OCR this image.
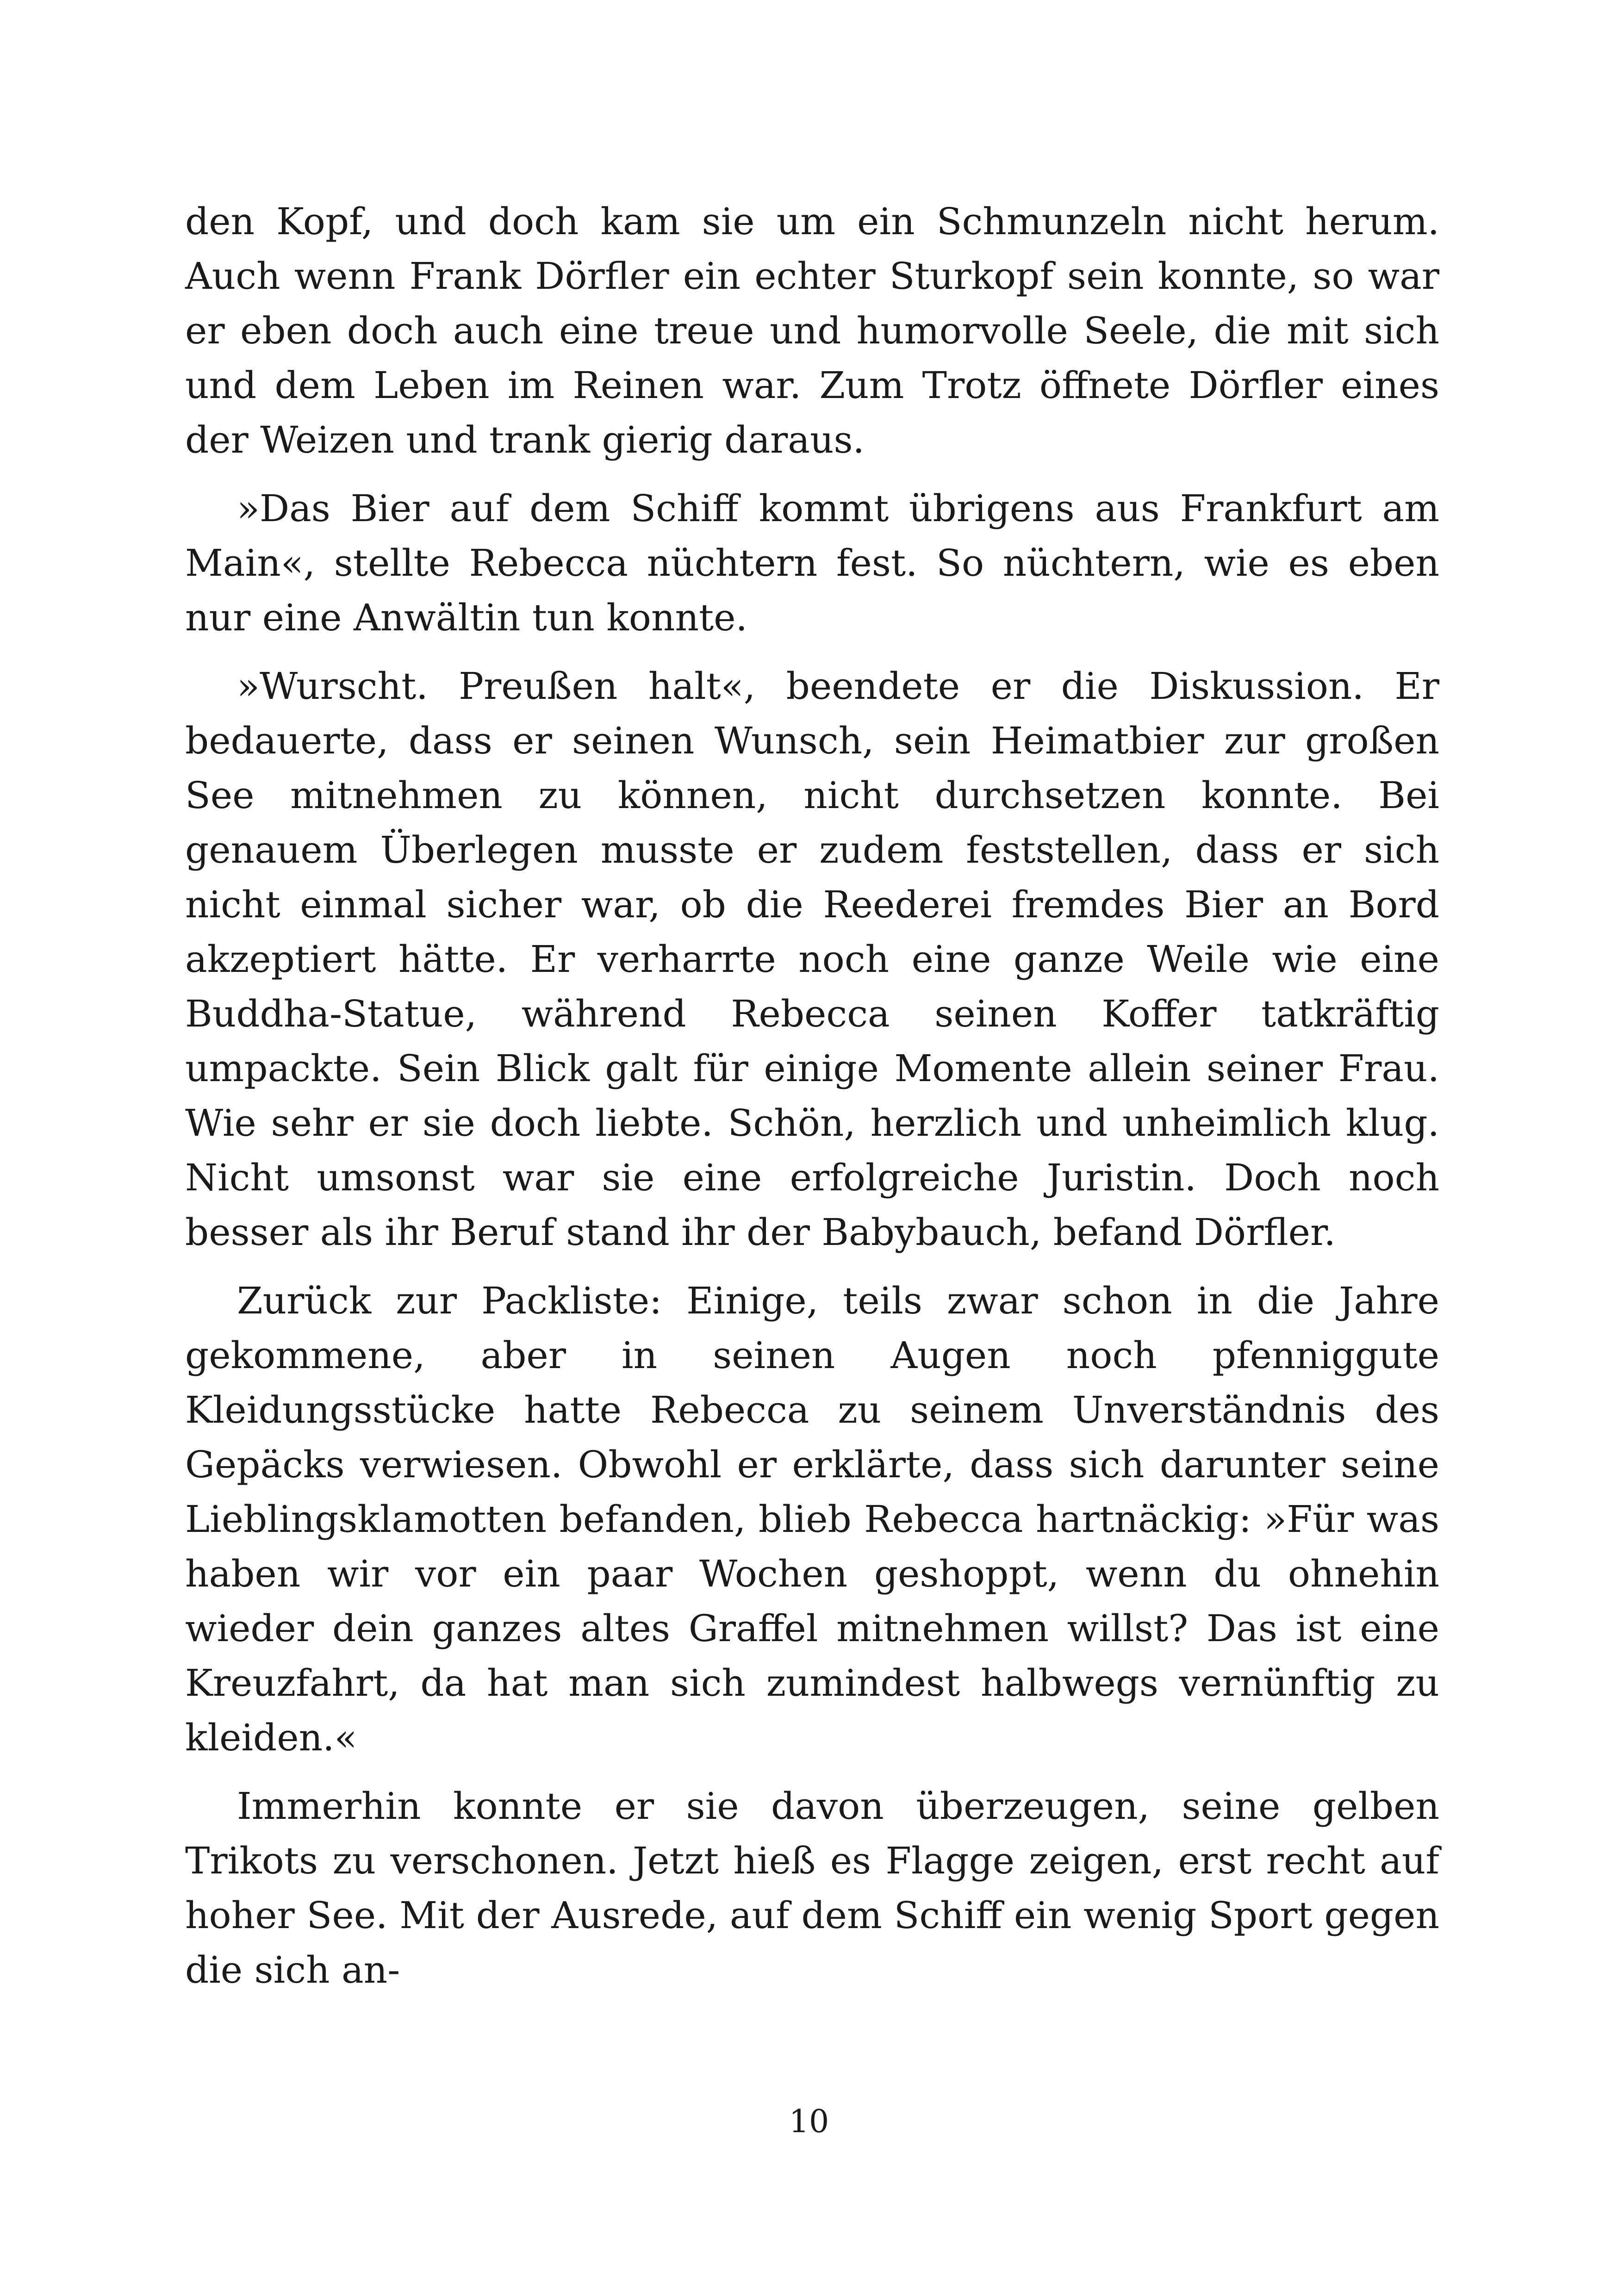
den Kopf, und doch kam sie um ein Schmunzeln nicht herum. Auch wenn Frank Dörfler ein echter Sturkopf sein konnte, so war er eben doch auch eine treue und humorvolle Seele, die mit sich und dem Leben im Reinen war. Zum Trotz öffnete Dörfler eines der Weizen und trank gierig daraus.

»Das Bier auf dem Schiff kommt übrigens aus Frankfurt am Main«, stellte Rebecca nüchtern fest. So nüchtern, wie es eben nur eine Anwältin tun konnte.

»Wurscht. Preußen halt«, beendete er die Diskussion. Er bedauerte, dass er seinen Wunsch, sein Heimatbier zur großen See mitnehmen zu können, nicht durchsetzen konnte. Bei genauem Überlegen musste er zudem feststellen, dass er sich nicht einmal sicher war, ob die Reederei fremdes Bier an Bord akzeptiert hätte. Er verharrte noch eine ganze Weile wie eine Buddha-Statue, während Rebecca seinen Koffer tatkräftig umpackte. Sein Blick galt für einige Momente allein seiner Frau. Wie sehr er sie doch liebte. Schön, herzlich und unheimlich klug. Nicht umsonst war sie eine erfolgreiche Juristin. Doch noch besser als ihr Beruf stand ihr der Babybauch, befand Dörfler.

Zurück zur Packliste: Einige, teils zwar schon in die Jahre gekommene, aber in seinen Augen noch pfenniggute Kleidungsstücke hatte Rebecca zu seinem Unverständnis des Gepäcks verwiesen. Obwohl er erklärte, dass sich darunter seine Lieblingsklamotten befanden, blieb Rebecca hartnäckig: »Für was haben wir vor ein paar Wochen geshoppt, wenn du ohnehin wieder dein ganzes altes Graffel mitnehmen willst? Das ist eine Kreuzfahrt, da hat man sich zumindest halbwegs vernünftig zu kleiden.«

Immerhin konnte er sie davon überzeugen, seine gelben Trikots zu verschonen. Jetzt hieß es Flagge zeigen, erst recht auf hoher See. Mit der Ausrede, auf dem Schiff ein wenig Sport gegen die sich an-

10
